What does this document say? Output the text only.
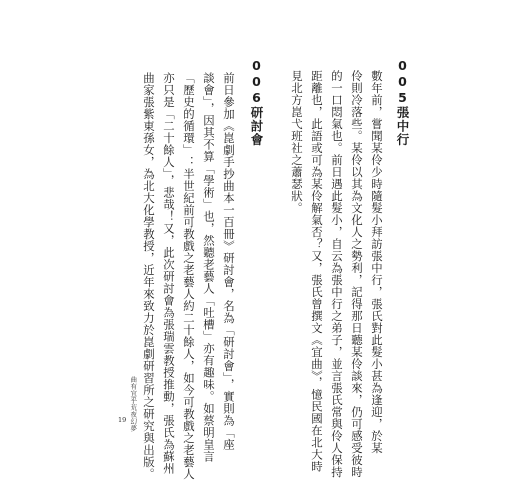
005張中行
數年前，嘗聞某伶少時隨髮小拜訪張中行，張氏對此髮小甚為逢迎，於某
伶則冷落些。某伶以其為文化人之勢利，記得那日聽某伶談來，仍可感受彼時
的一口悶氣也。前日遇此髮小，自云為張中行之弟子，並言張氏常與伶人保持
距離也，此語或可為某伶解氣否？又，張氏曾撰文《宜曲》，憶民國在北大時
見北方崑弋班社之蕭瑟狀。
006研討會
前日參加《崑劇手抄曲本一百冊》研討會，名為「研討會」，實則為「座
談會」，因其不算「學術」也，然聽老藝人「吐槽」亦有趣味。如蔡明皇言
「歷史的循環」：半世紀前可教戲之老藝人約二十餘人，如今可教戲之老藝人
亦只是「二十餘人」，悲哉！又，此次研討會為張瑞雲教授推動，張氏為蘇州
曲家張紫東孫女，為北大化學教授，近年來致力於崑劇研習所之研究與出版。
曲有宜乎荒夜幻夢
19
